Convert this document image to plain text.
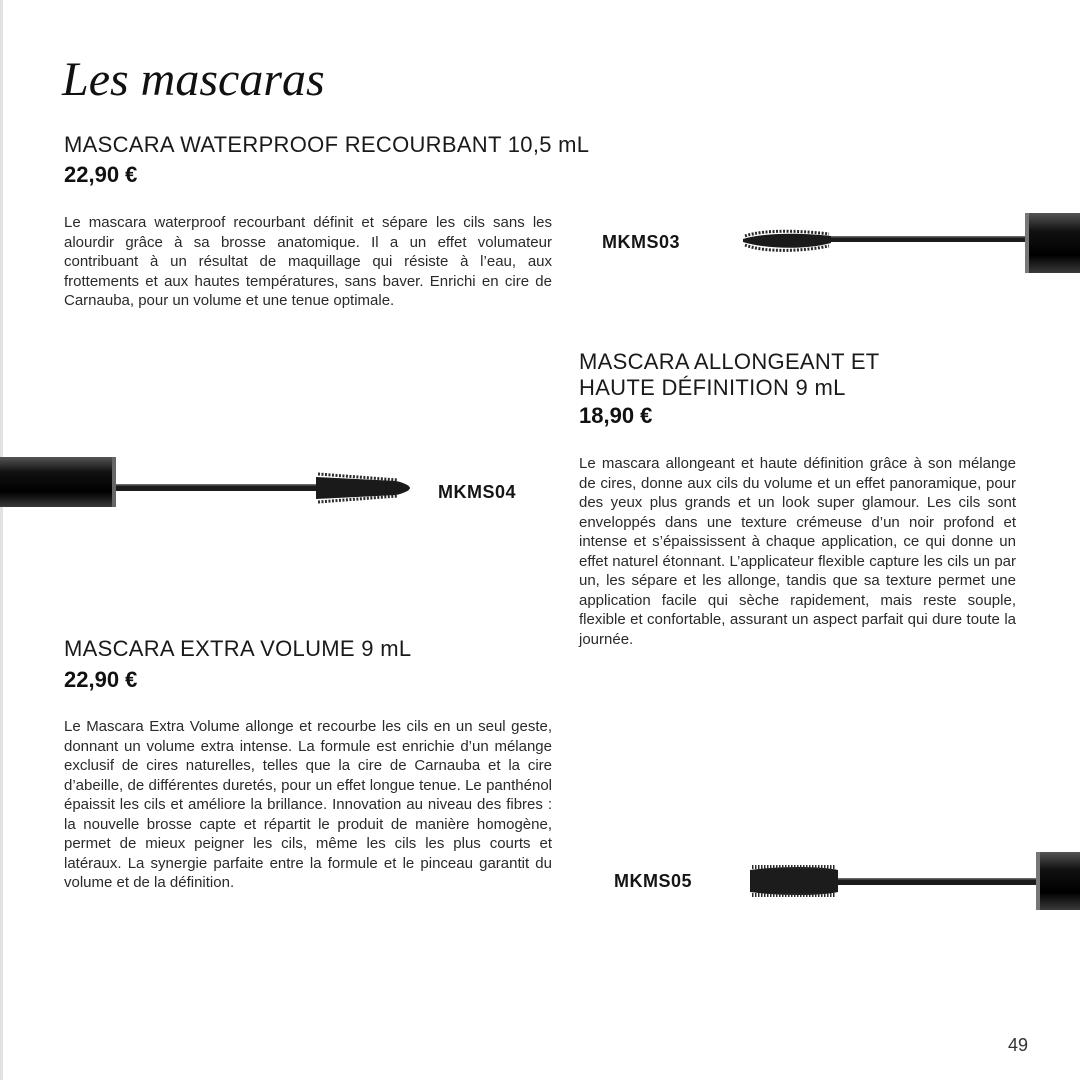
Les mascaras
MASCARA WATERPROOF RECOURBANT 10,5 mL

22,90 €

Le mascara waterproof recourbant définit et sépare les cils sans les alourdir grâce à sa brosse anatomique. Il a un effet volumateur contribuant à un résultat de maquillage qui résiste à l’eau, aux frottements et aux hautes températures, sans baver. Enrichi en cire de Carnauba, pour un volume et une tenue optimale.

MKMS03

MASCARA ALLONGEANT ET
HAUTE DÉFINITION 9 mL

18,90 €

Le mascara allongeant et haute définition grâce à son mélange de cires, donne aux cils du volume et un effet panoramique, pour des yeux plus grands et un look super glamour. Les cils sont enveloppés dans une texture crémeuse d’un noir profond et intense et s’épaississent à chaque application, ce qui donne un effet naturel étonnant. L’applicateur flexible capture les cils un par un, les sépare et les allonge, tandis que sa texture permet une application facile qui sèche rapidement, mais reste souple, flexible et confortable, assurant un aspect parfait qui dure toute la journée.

MKMS04

MASCARA EXTRA VOLUME 9 mL

22,90 €

Le Mascara Extra Volume allonge et recourbe les cils en un seul geste, donnant un volume extra intense. La formule est enrichie d’un mélange exclusif de cires naturelles, telles que la cire de Carnauba et la cire d’abeille, de différentes duretés, pour un effet longue tenue. Le panthénol épaissit les cils et améliore la brillance. Innovation au niveau des fibres : la nouvelle brosse capte et répartit le produit de manière homogène, permet de mieux peigner les cils, même les cils les plus courts et latéraux. La synergie parfaite entre la formule et le pinceau garantit du volume et de la définition.	MKMS05

49
